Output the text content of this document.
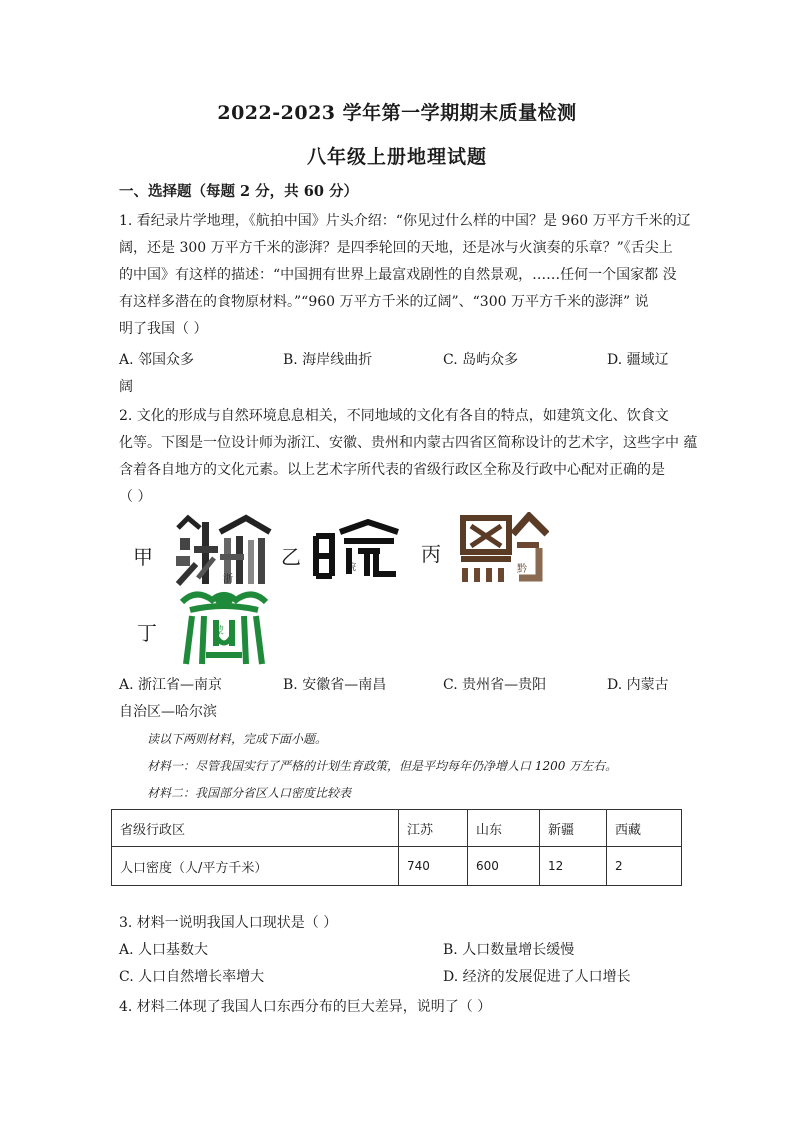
2022-2023 学年第一学期期末质量检测
八年级上册地理试题
一、选择题（每题 2 分，共 60 分）
1. 看纪录片学地理，《航拍中国》片头介绍：“你见过什么样的中国？是 960 万平方千米的辽
阔，还是 300 万平方千米的澎湃？是四季轮回的天地，还是冰与火演奏的乐章？”《舌尖上
的中国》有这样的描述：“中国拥有世界上最富戏剧性的自然景观，……任何一个国家都 没
有这样多潜在的食物原材料。”“960 万平方千米的辽阔”、“300 万平方千米的澎湃” 说
明了我国（ ）
A. 邻国众多	B. 海岸线曲折	C. 岛屿众多	D. 疆域辽
阔
2. 文化的形成与自然环境息息相关，不同地域的文化有各自的特点，如建筑文化、饮食文
化等。下图是一位设计师为浙江、安徽、贵州和内蒙古四省区简称设计的艺术字，这些字中 蕴
含着各自地方的文化元素。以上艺术字所代表的省级行政区全称及行政中心配对正确的是
（ ）
甲	乙	丙
丁
浙
皖	黔
蒙
A. 浙江省—南京	B. 安徽省—南昌	C. 贵州省—贵阳	D. 内蒙古
自治区—哈尔滨
读以下两则材料，完成下面小题。
材料一：尽管我国实行了严格的计划生育政策，但是平均每年仍净增人口 1200 万左右。
材料二：我国部分省区人口密度比较表
省级行政区	江苏	山东	新疆	西藏
人口密度（人/平方千米）	740	600	12	2
3. 材料一说明我国人口现状是（ ）
A. 人口基数大	B. 人口数量增长缓慢
C. 人口自然增长率增大	D. 经济的发展促进了人口增长
4. 材料二体现了我国人口东西分布的巨大差异，说明了（ ）
